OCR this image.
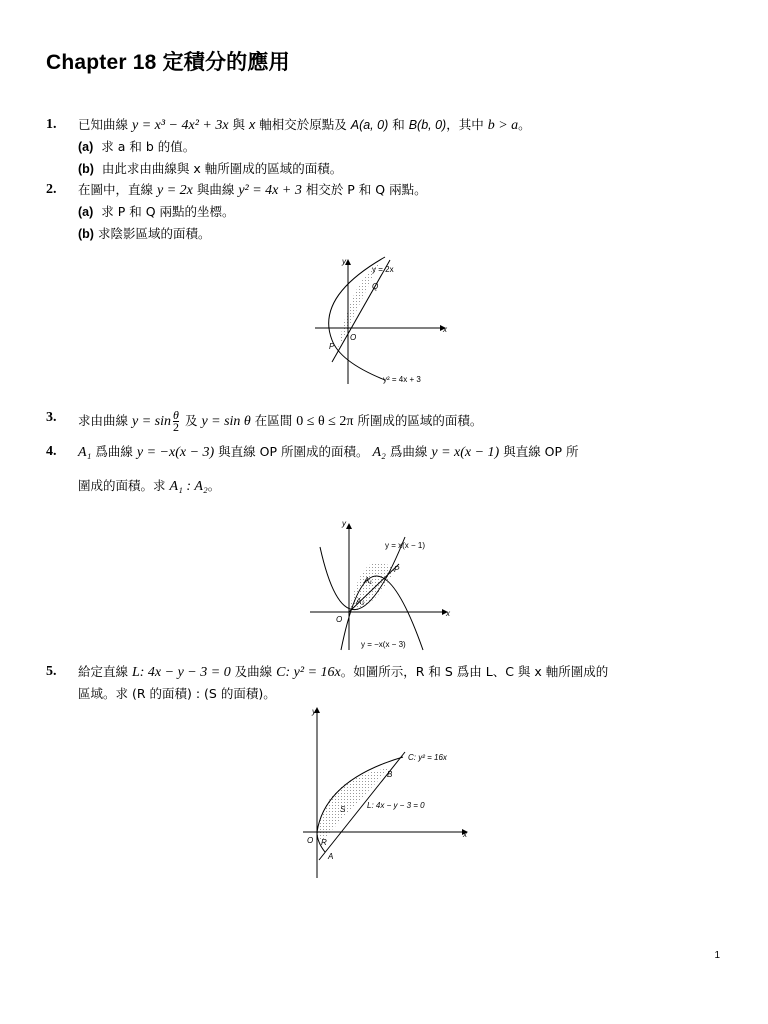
Chapter 18 定積分的應用
1. 已知曲線 y = x³ − 4x² + 3x 與 x 軸相交於原點及 A(a, 0) 和 B(b, 0)，其中 b > a。
(a) 求 a 和 b 的值。
(b) 由此求由曲線與 x 軸所圍成的區域的面積。
2. 在圖中，直線 y = 2x 與曲線 y² = 4x + 3 相交於 P 和 Q 兩點。
(a) 求 P 和 Q 兩點的坐標。
(b) 求陰影區域的面積。
y
x
y = 2x
Q
O
P
y² = 4x + 3
3. 求由曲線 $y = \sin \frac{\theta}{2}$ 及 y = sin θ 在區間 0 ≤ θ ≤ 2π 所圍成的區域的面積。
4. A₁ 爲曲線 y = −x(x − 3) 與直線 OP 所圍成的面積。 A₂ 爲曲線 y = x(x − 1) 與直線 OP 所
圍成的面積。求 A₁ : A₂。
y
x
y = x(x − 1)
P
A₁
A₂
O
y = −x(x − 3)
5. 給定直線 L: 4x − y − 3 = 0 及曲線 C: y² = 16x。如圖所示，R 和 S 爲由 L、C 與 x 軸所圍成的
區域。求 (R 的面積) : (S 的面積)。
y
x
C: y² = 16x
B
S	L: 4x − y − 3 = 0
O R
A
1
